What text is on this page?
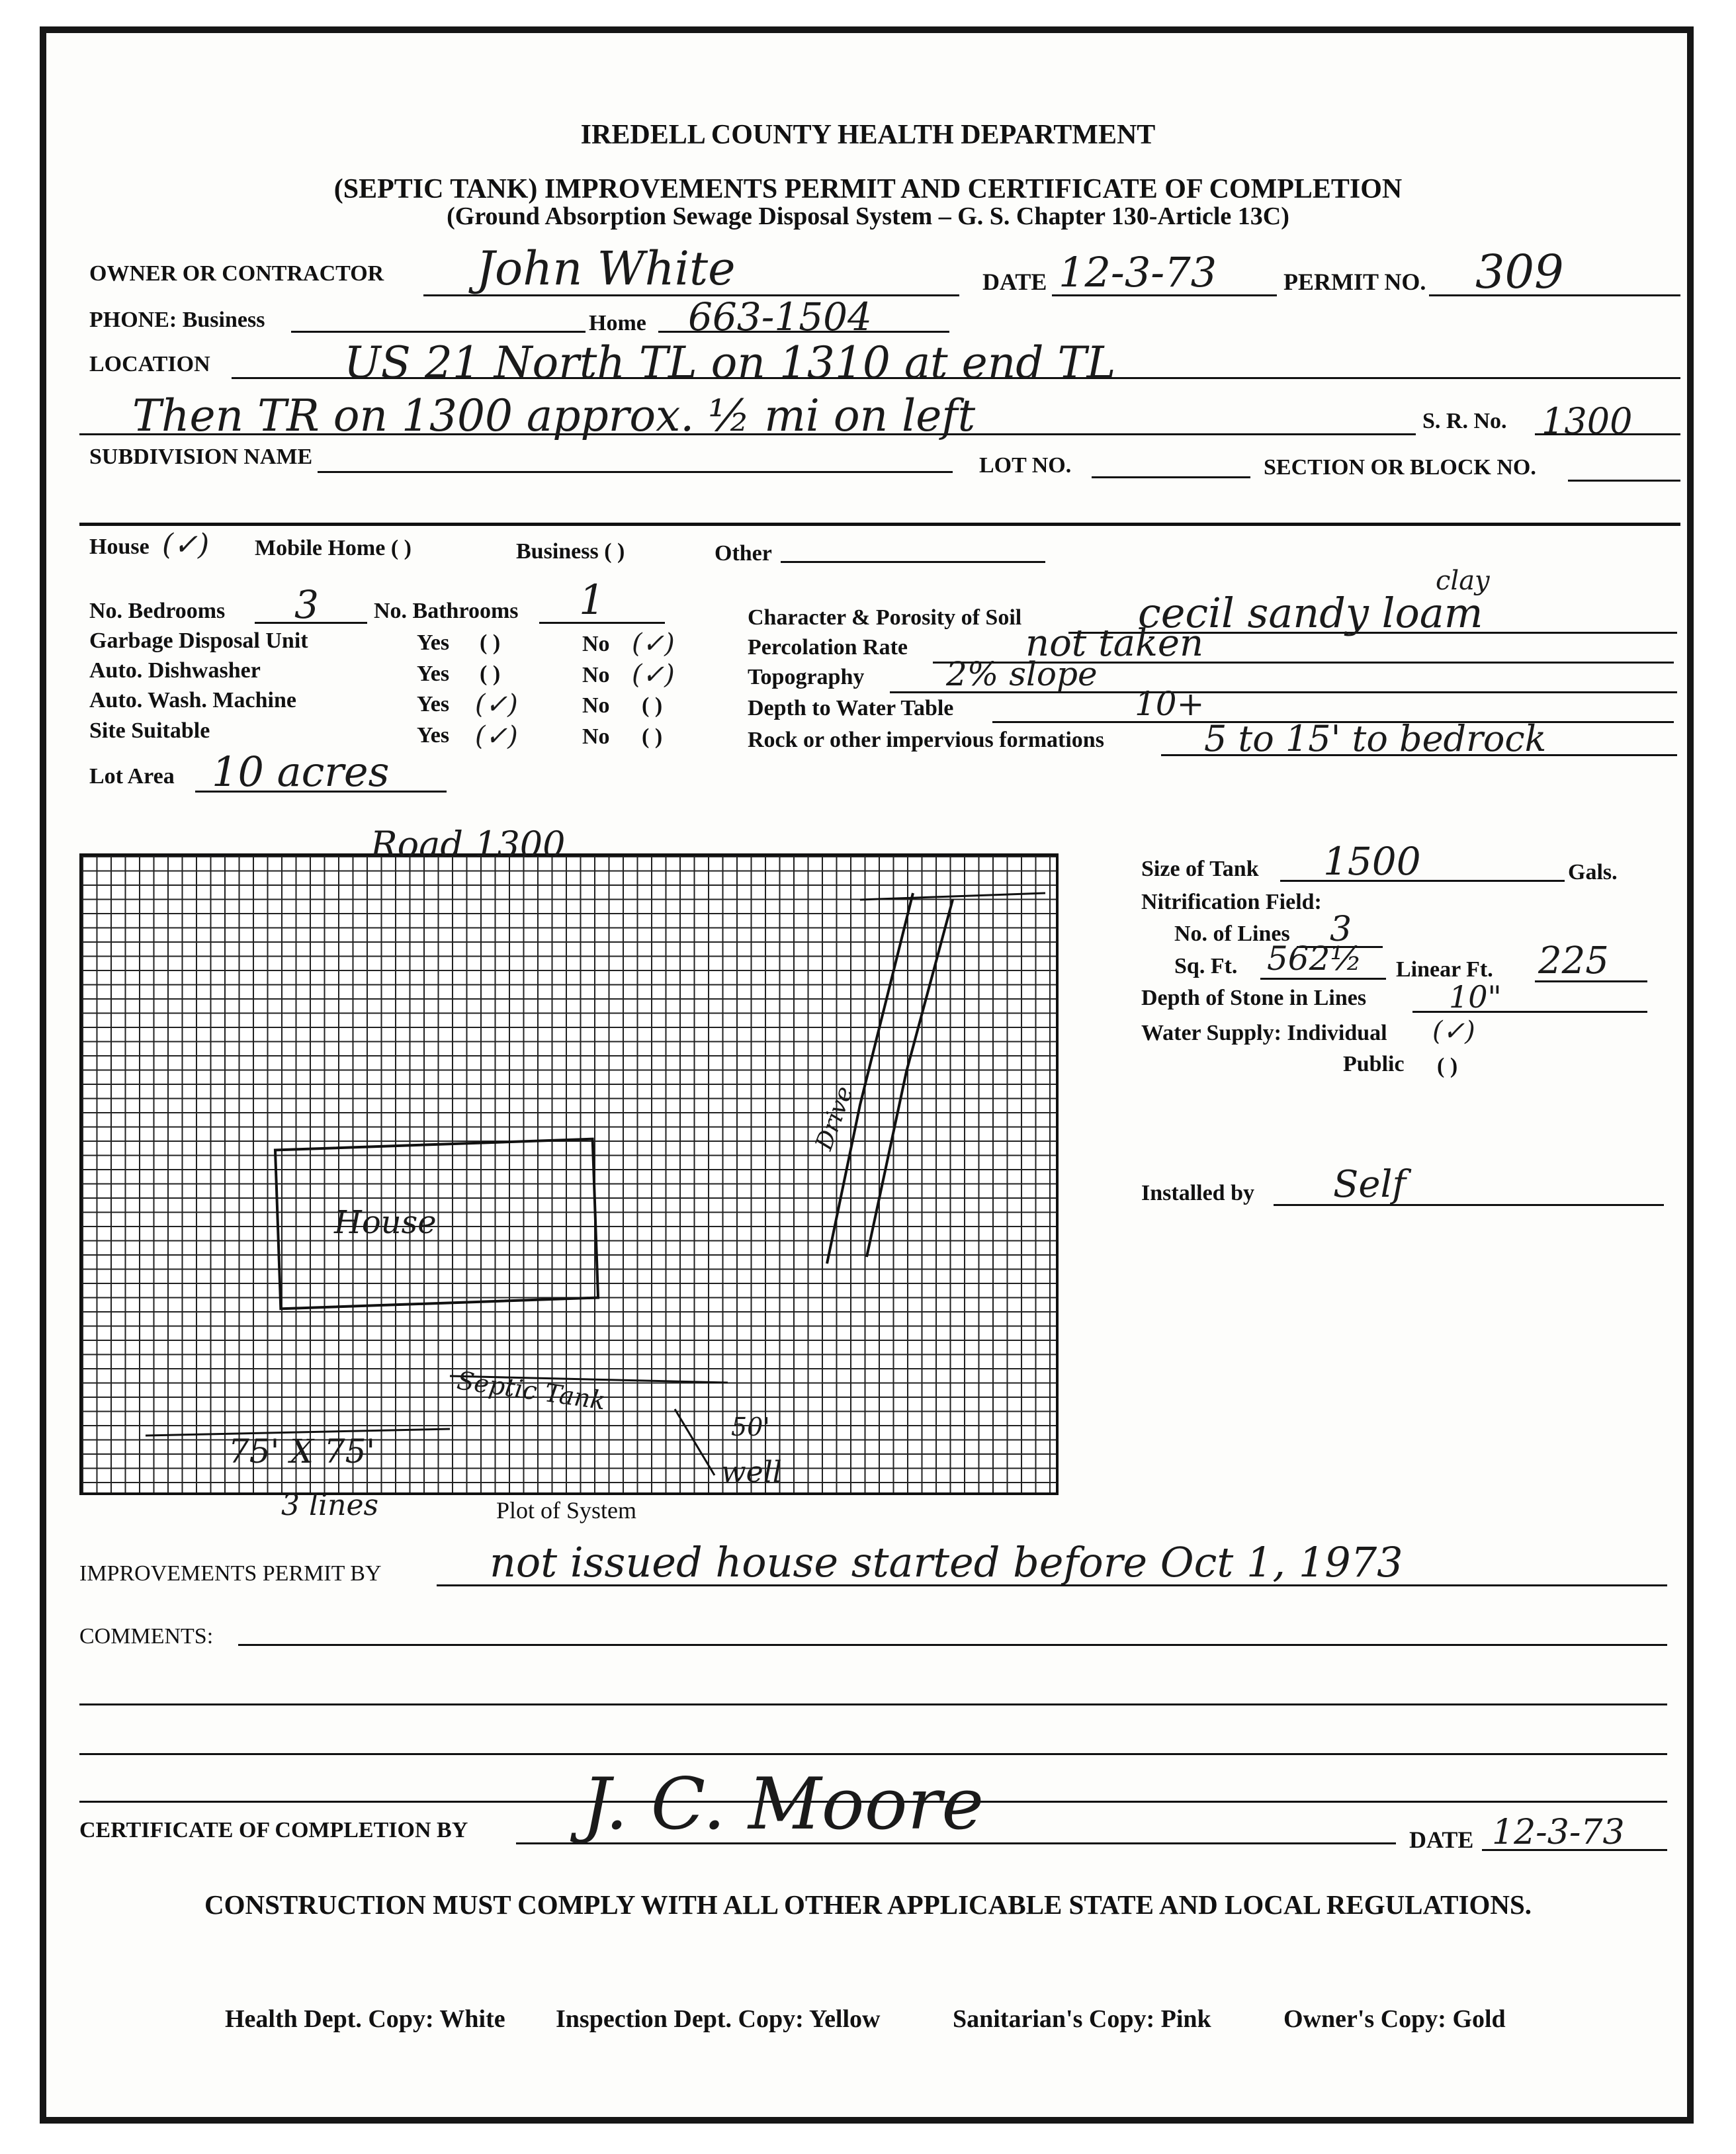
IREDELL COUNTY HEALTH DEPARTMENT
(SEPTIC TANK) IMPROVEMENTS PERMIT AND CERTIFICATE OF COMPLETION
(Ground Absorption Sewage Disposal System – G. S. Chapter 130-Article 13C)
OWNER OR CONTRACTOR John White	DATE 12-3-73	PERMIT NO. 309
PHONE: Business	Home 663-1504
LOCATION	US 21 North TL on 1310 at end TL
Then TR on 1300 approx. ½ mi on left	S. R. No. 1300
SUBDIVISION NAME	LOT NO.	SECTION OR BLOCK NO.
House (✓) Mobile Home ( )	Business ( )	Other
No. Bedrooms 3 No. Bathrooms 1
Garbage Disposal Unit	Yes ( )	No (✓)
Auto. Dishwasher	Yes ( )	No (✓)
Auto. Wash. Machine	Yes (✓)	No ( )
Site Suitable	Yes (✓)	No ( )
Lot Area 10 acres
clay
Character & Porosity of Soil	cecil sandy loam
Percolation Rate	not taken
Topography 2% slope
Depth to Water Table	10+
Rock or other impervious formations	5 to 15' to bedrock
Road 1300
House
Drive
Septic Tank
50'
well
75' X 75'
3 lines	Plot of System
Size of Tank 1500	Gals.
Nitrification Field:
No. of Lines 3
Sq. Ft. 562½ Linear Ft. 225
Depth of Stone in Lines	10"
Water Supply: Individual (✓)
Public ( )
Installed by Self
IMPROVEMENTS PERMIT BY	not issued house started before Oct 1, 1973
COMMENTS:
CERTIFICATE OF COMPLETION BY J. C. Moore	DATE 12-3-73
CONSTRUCTION MUST COMPLY WITH ALL OTHER APPLICABLE STATE AND LOCAL REGULATIONS.
Health Dept. Copy: White Inspection Dept. Copy: Yellow	Sanitarian's Copy: Pink	Owner's Copy: Gold
